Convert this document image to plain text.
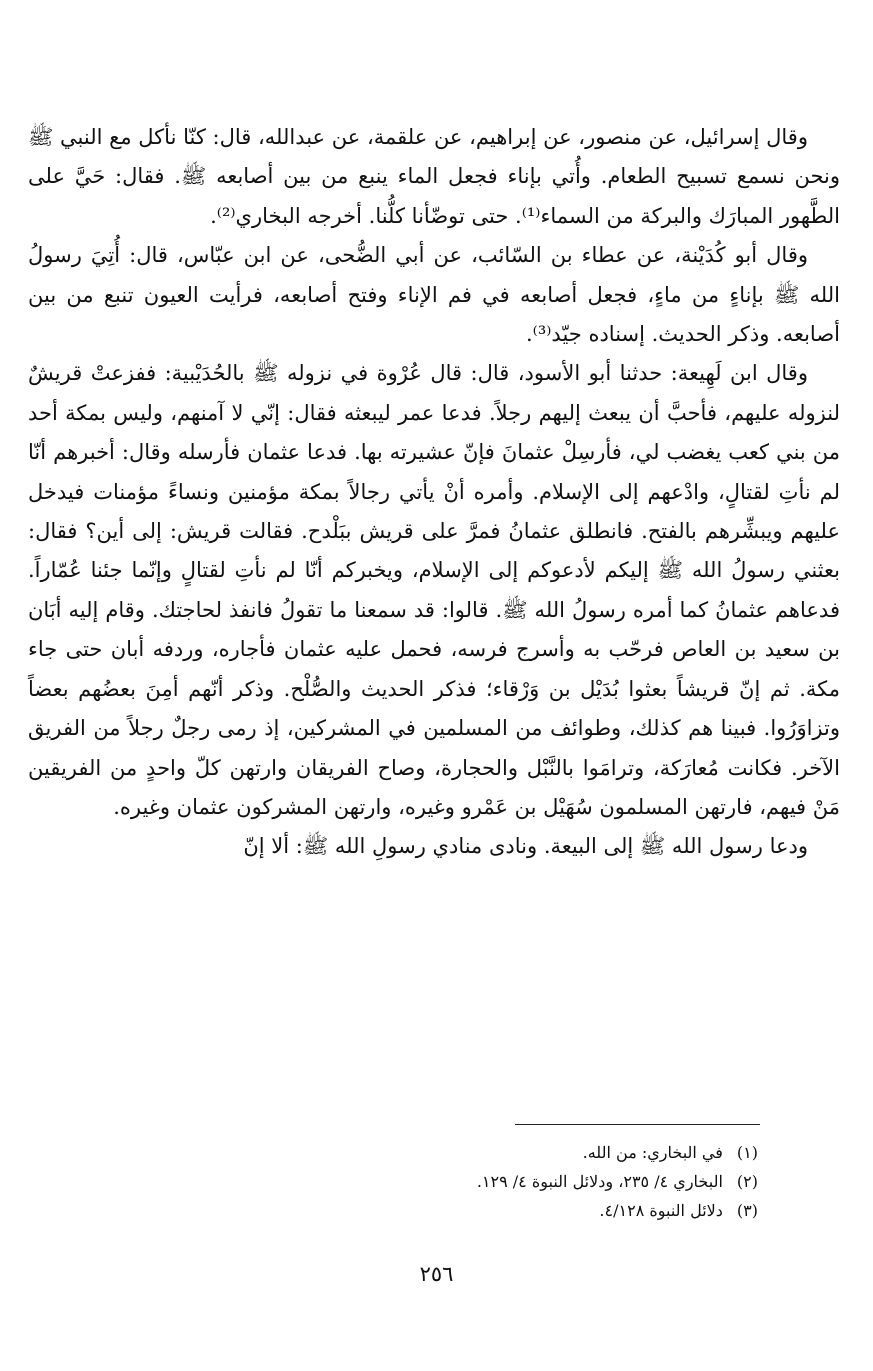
وقال إسرائيل، عن منصور، عن إبراهيم، عن علقمة، عن عبدالله، قال: كنّا نأكل مع النبي ﷺ ونحن نسمع تسبيح الطعام. وأُتي بإناء فجعل الماء ينبع من بين أصابعه ﷺ. فقال: حَيَّ على الطَّهور المبارَك والبركة من السماء⁽¹⁾. حتى توضّأنا كلُّنا. أخرجه البخاري⁽²⁾.

وقال أبو كُدَيْنة، عن عطاء بن السّائب، عن أبي الضُّحى، عن ابن عبّاس، قال: أُتِيَ رسولُ الله ﷺ بإناءٍ من ماءٍ، فجعل أصابعه في فم الإناء وفتح أصابعه، فرأيت العيون تنبع من بين أصابعه. وذكر الحديث. إسناده جيّد⁽³⁾.

وقال ابن لَهِيعة: حدثنا أبو الأسود، قال: قال عُرْوة في نزوله ﷺ بالحُدَيْبية: ففزعتْ قريشٌ لنزوله عليهم، فأحبَّ أن يبعث إليهم رجلاً. فدعا عمر ليبعثه فقال: إنّي لا آمنهم، وليس بمكة أحد من بني كعب يغضب لي، فأرسِلْ عثمانَ فإنّ عشيرته بها. فدعا عثمان فأرسله وقال: أخبرهم أنّا لم نأتِ لقتالٍ، وادْعهم إلى الإسلام. وأمره أنْ يأتي رجالاً بمكة مؤمنين ونساءً مؤمنات فيدخل عليهم ويبشِّرهم بالفتح. فانطلق عثمانُ فمرَّ على قريش ببَلْدح. فقالت قريش: إلى أين؟ فقال: بعثني رسولُ الله ﷺ إليكم لأدعوكم إلى الإسلام، ويخبركم أنّا لم نأتِ لقتالٍ وإنّما جئنا عُمّاراً. فدعاهم عثمانُ كما أمره رسولُ الله ﷺ. قالوا: قد سمعنا ما تقولُ فانفذ لحاجتك. وقام إليه أبَان بن سعيد بن العاص فرحّب به وأسرج فرسه، فحمل عليه عثمان فأجاره، وردفه أبان حتى جاء مكة. ثم إنّ قريشاً بعثوا بُدَيْل بن وَرْقاء؛ فذكر الحديث والصُّلْح. وذكر أنّهم أمِنَ بعضُهم بعضاً وتزاوَرُوا. فبينا هم كذلك، وطوائف من المسلمين في المشركين، إذ رمى رجلٌ رجلاً من الفريق الآخر. فكانت مُعارَكة، وترامَوا بالنَّبْل والحجارة، وصاح الفريقان وارتهن كلّ واحدٍ من الفريقين مَنْ فيهم، فارتهن المسلمون سُهَيْل بن عَمْرو وغيره، وارتهن المشركون عثمان وغيره.

ودعا رسول الله ﷺ إلى البيعة. ونادى منادي رسولِ الله ﷺ: ألا إنّ

(١)في البخاري: من الله.
(٢)البخاري ٤/ ٢٣٥، ودلائل النبوة ٤/ ١٢٩.
(٣)دلائل النبوة ٤/١٢٨.
٢٥٦
